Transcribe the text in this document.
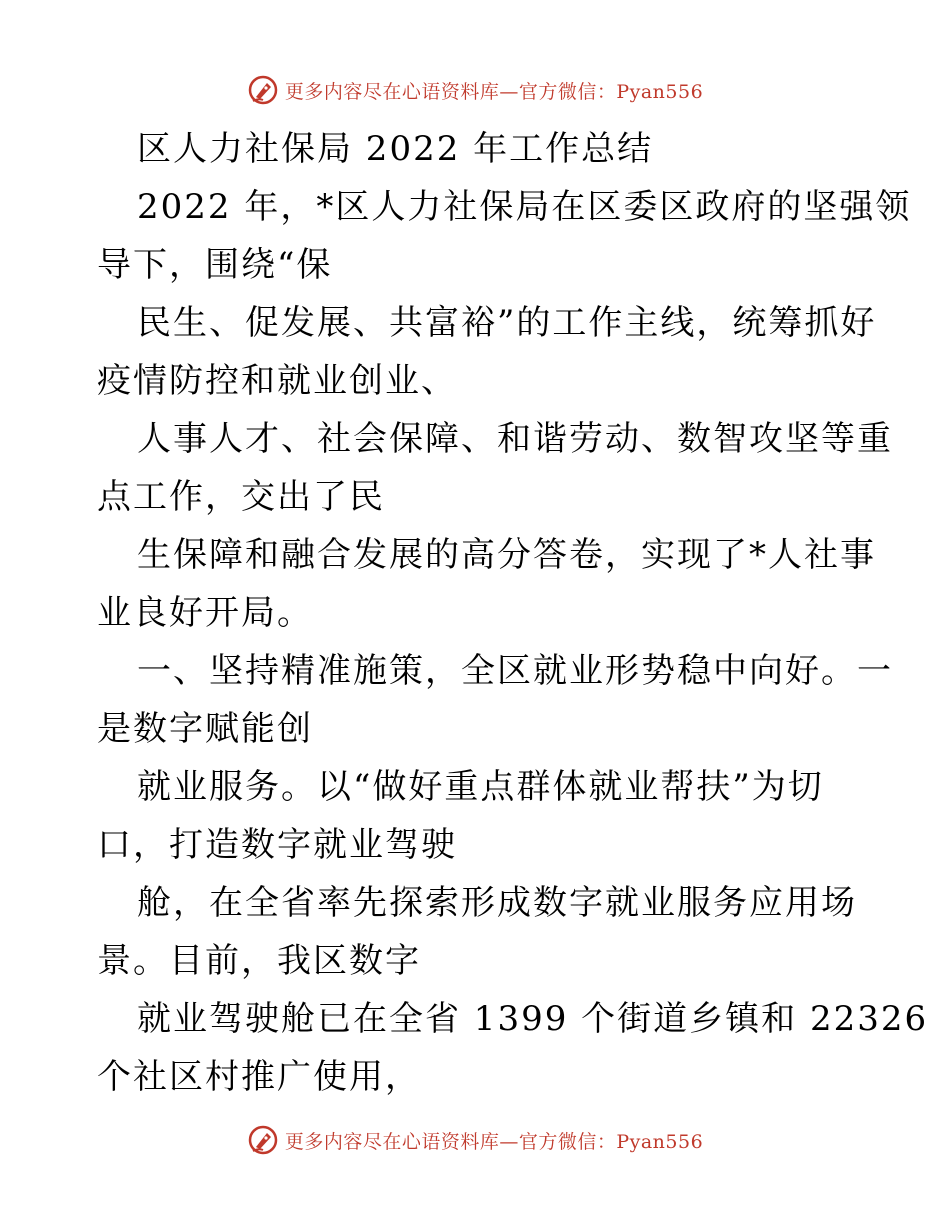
更多内容尽在心语资料库—官方微信：Pyan556
区人力社保局 2022 年工作总结
2022 年，*区人力社保局在区委区政府的坚强领
导下，围绕“保
民生、促发展、共富裕”的工作主线，统筹抓好
疫情防控和就业创业、
人事人才、社会保障、和谐劳动、数智攻坚等重
点工作，交出了民
生保障和融合发展的高分答卷，实现了*人社事
业良好开局。
一、坚持精准施策，全区就业形势稳中向好。一
是数字赋能创
就业服务。以“做好重点群体就业帮扶”为切
口，打造数字就业驾驶
舱，在全省率先探索形成数字就业服务应用场
景。目前，我区数字
就业驾驶舱已在全省 1399 个街道乡镇和 22326
个社区村推广使用，
更多内容尽在心语资料库—官方微信：Pyan556
